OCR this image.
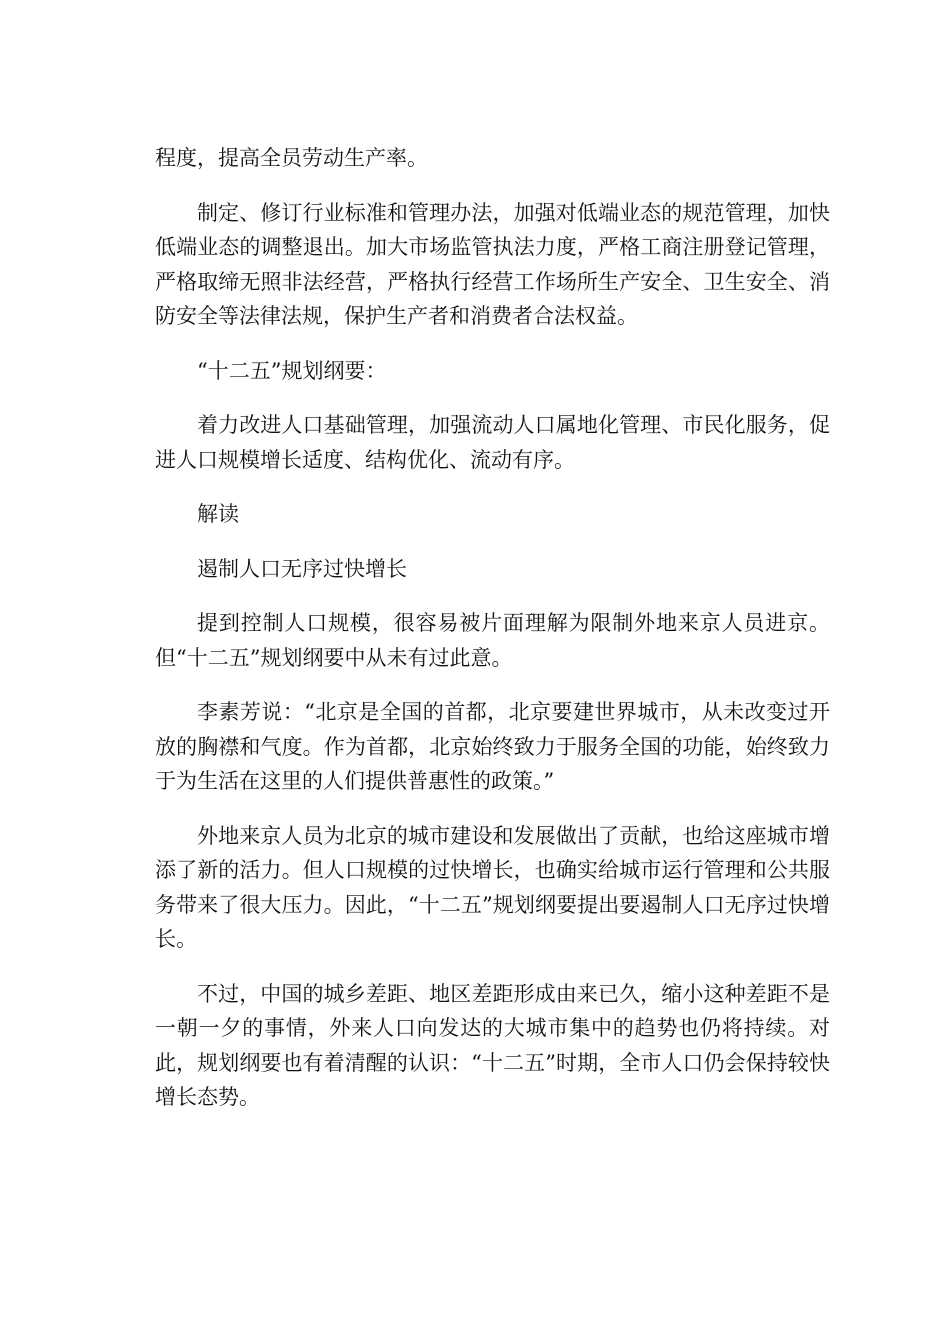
程度，提高全员劳动生产率。

制定、修订行业标准和管理办法，加强对低端业态的规范管理，加快低端业态的调整退出。加大市场监管执法力度，严格工商注册登记管理，严格取缔无照非法经营，严格执行经营工作场所生产安全、卫生安全、消防安全等法律法规，保护生产者和消费者合法权益。

“十二五”规划纲要：

着力改进人口基础管理，加强流动人口属地化管理、市民化服务，促进人口规模增长适度、结构优化、流动有序。

解读

遏制人口无序过快增长

提到控制人口规模，很容易被片面理解为限制外地来京人员进京。但“十二五”规划纲要中从未有过此意。

李素芳说：“北京是全国的首都，北京要建世界城市，从未改变过开放的胸襟和气度。作为首都，北京始终致力于服务全国的功能，始终致力于为生活在这里的人们提供普惠性的政策。”

外地来京人员为北京的城市建设和发展做出了贡献，也给这座城市增添了新的活力。但人口规模的过快增长，也确实给城市运行管理和公共服务带来了很大压力。因此，“十二五”规划纲要提出要遏制人口无序过快增长。

不过，中国的城乡差距、地区差距形成由来已久，缩小这种差距不是一朝一夕的事情，外来人口向发达的大城市集中的趋势也仍将持续。对此，规划纲要也有着清醒的认识：“十二五”时期，全市人口仍会保持较快增长态势。
